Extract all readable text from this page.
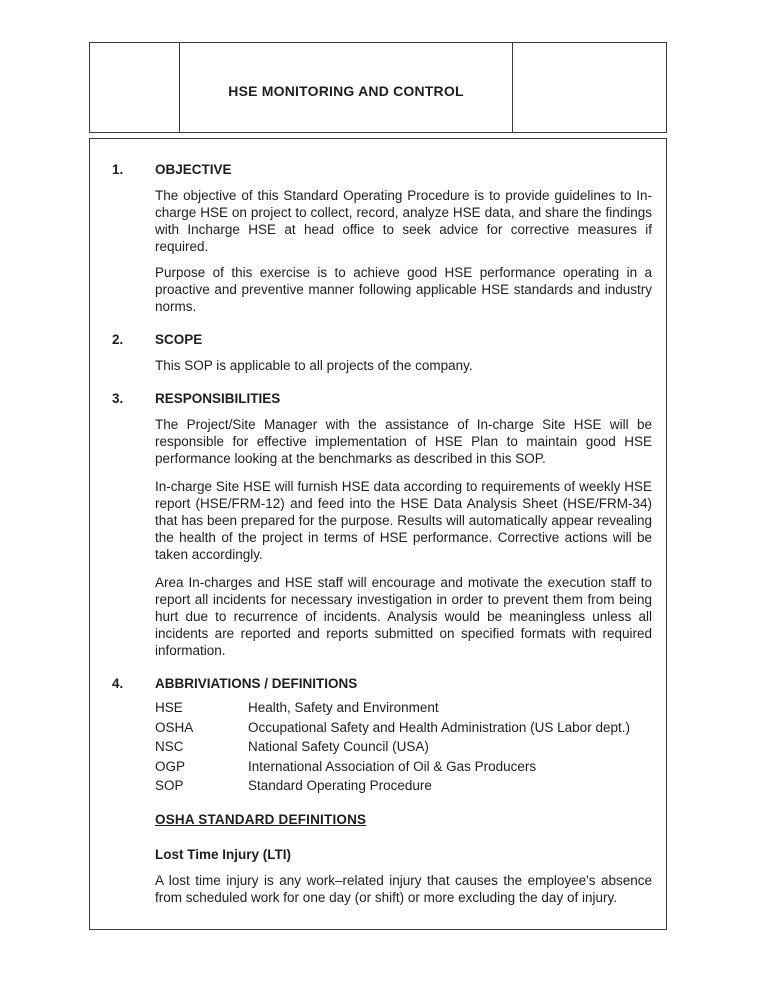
HSE MONITORING AND CONTROL
1.	OBJECTIVE
The objective of this Standard Operating Procedure is to provide guidelines to In-charge HSE on project to collect, record, analyze HSE data, and share the findings with Incharge HSE at head office to seek advice for corrective measures if required.
Purpose of this exercise is to achieve good HSE performance operating in a proactive and preventive manner following applicable HSE standards and industry norms.
2.	SCOPE
This SOP is applicable to all projects of the company.
3.	RESPONSIBILITIES
The Project/Site Manager with the assistance of In-charge Site HSE will be responsible for effective implementation of HSE Plan to maintain good HSE performance looking at the benchmarks as described in this SOP.
In-charge Site HSE will furnish HSE data according to requirements of weekly HSE report (HSE/FRM-12) and feed into the HSE Data Analysis Sheet (HSE/FRM-34) that has been prepared for the purpose. Results will automatically appear revealing the health of the project in terms of HSE performance. Corrective actions will be taken accordingly.
Area In-charges and HSE staff will encourage and motivate the execution staff to report all incidents for necessary investigation in order to prevent them from being hurt due to recurrence of incidents. Analysis would be meaningless unless all incidents are reported and reports submitted on specified formats with required information.
4.	ABBRIVIATIONS / DEFINITIONS
HSE	Health, Safety and Environment
OSHA	Occupational Safety and Health Administration (US Labor dept.)
NSC	National Safety Council (USA)
OGP	International Association of Oil & Gas Producers
SOP	Standard Operating Procedure
OSHA STANDARD DEFINITIONS
Lost Time Injury (LTI)
A lost time injury is any work–related injury that causes the employee's absence from scheduled work for one day (or shift) or more excluding the day of injury.
